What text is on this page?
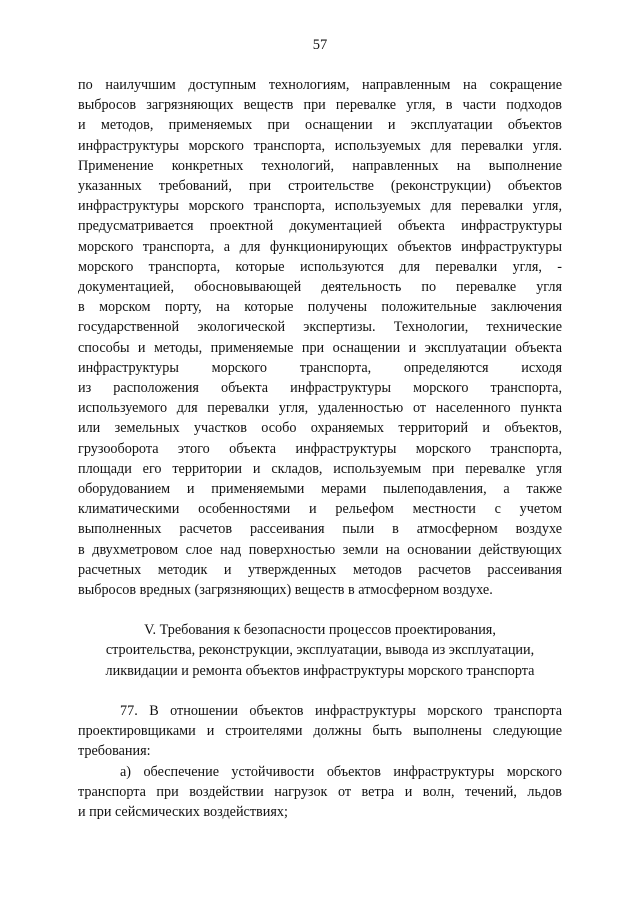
57
по наилучшим доступным технологиям, направленным на сокращение
выбросов загрязняющих веществ при перевалке угля, в части подходов
и методов, применяемых при оснащении и эксплуатации объектов
инфраструктуры морского транспорта, используемых для перевалки угля.
Применение конкретных технологий, направленных на выполнение
указанных требований, при строительстве (реконструкции) объектов
инфраструктуры морского транспорта, используемых для перевалки угля,
предусматривается проектной документацией объекта инфраструктуры
морского транспорта, а для функционирующих объектов инфраструктуры
морского транспорта, которые используются для перевалки угля, -
документацией, обосновывающей деятельность по перевалке угля
в морском порту, на которые получены положительные заключения
государственной экологической экспертизы. Технологии, технические
способы и методы, применяемые при оснащении и эксплуатации объекта
инфраструктуры морского транспорта, определяются исходя
из расположения объекта инфраструктуры морского транспорта,
используемого для перевалки угля, удаленностью от населенного пункта
или земельных участков особо охраняемых территорий и объектов,
грузооборота этого объекта инфраструктуры морского транспорта,
площади его территории и складов, используемым при перевалке угля
оборудованием и применяемыми мерами пылеподавления, а также
климатическими особенностями и рельефом местности с учетом
выполненных расчетов рассеивания пыли в атмосферном воздухе
в двухметровом слое над поверхностью земли на основании действующих
расчетных методик и утвержденных методов расчетов рассеивания
выбросов вредных (загрязняющих) веществ в атмосферном воздухе.
V. Требования к безопасности процессов проектирования,
строительства, реконструкции, эксплуатации, вывода из эксплуатации,
ликвидации и ремонта объектов инфраструктуры морского транспорта
77. В отношении объектов инфраструктуры морского транспорта
проектировщиками и строителями должны быть выполнены следующие
требования:
а) обеспечение устойчивости объектов инфраструктуры морского
транспорта при воздействии нагрузок от ветра и волн, течений, льдов
и при сейсмических воздействиях;
